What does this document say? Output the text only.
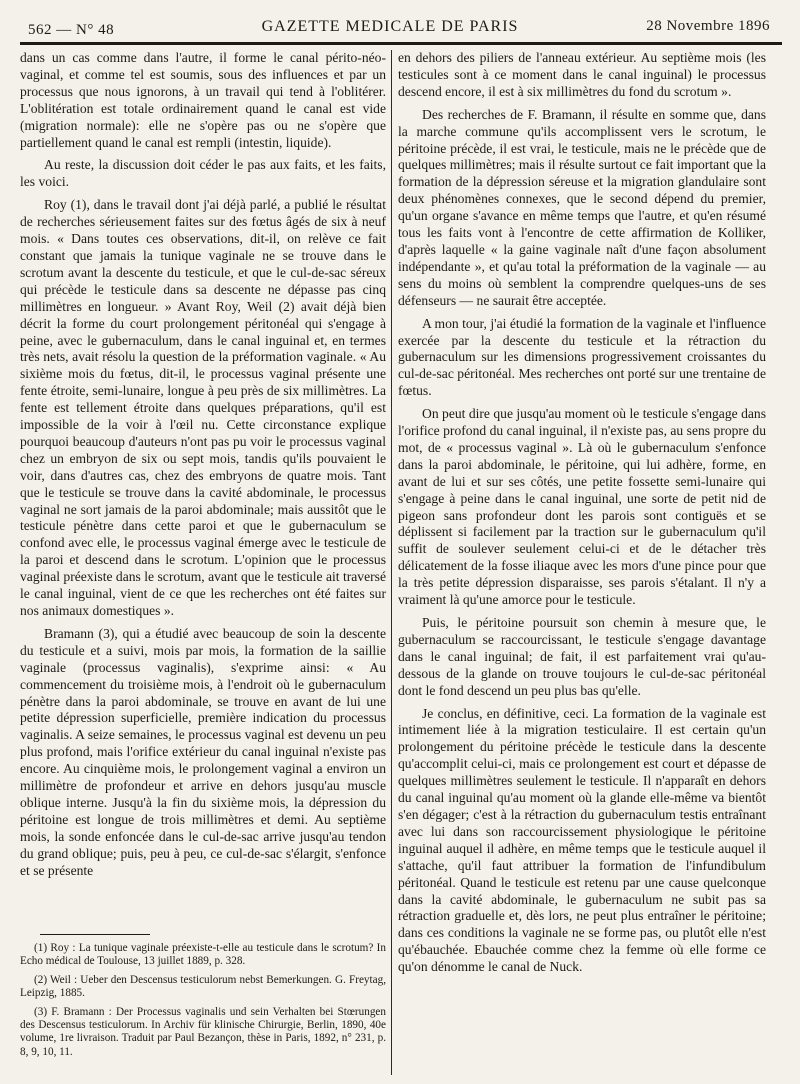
562 — N° 48	GAZETTE MEDICALE DE PARIS	28 Novembre 1896

dans un cas comme dans l'autre, il forme le canal périto-néo-vaginal, et comme tel est soumis, sous des influences et par un processus que nous ignorons, à un travail qui tend à l'oblitérer. L'oblitération est totale ordinairement quand le canal est vide (migration normale): elle ne s'opère pas ou ne s'opère que partiellement quand le canal est rempli (intestin, liquide).

Au reste, la discussion doit céder le pas aux faits, et les faits, les voici.

Roy (1), dans le travail dont j'ai déjà parlé, a publié le résultat de recherches sérieusement faites sur des fœtus âgés de six à neuf mois. « Dans toutes ces observations, dit-il, on relève ce fait constant que jamais la tunique vaginale ne se trouve dans le scrotum avant la descente du testicule, et que le cul-de-sac séreux qui précède le testicule dans sa descente ne dépasse pas cinq millimètres en longueur. » Avant Roy, Weil (2) avait déjà bien décrit la forme du court prolongement péritonéal qui s'engage à peine, avec le gubernaculum, dans le canal inguinal et, en termes très nets, avait résolu la question de la préformation vaginale. « Au sixième mois du fœtus, dit-il, le processus vaginal présente une fente étroite, semi-lunaire, longue à peu près de six millimètres. La fente est tellement étroite dans quelques préparations, qu'il est impossible de la voir à l'œil nu. Cette circonstance explique pourquoi beaucoup d'auteurs n'ont pas pu voir le processus vaginal chez un embryon de six ou sept mois, tandis qu'ils pouvaient le voir, dans d'autres cas, chez des embryons de quatre mois. Tant que le testicule se trouve dans la cavité abdominale, le processus vaginal ne sort jamais de la paroi abdominale; mais aussitôt que le testicule pénètre dans cette paroi et que le gubernaculum se confond avec elle, le processus vaginal émerge avec le testicule de la paroi et descend dans le scrotum. L'opinion que le processus vaginal préexiste dans le scrotum, avant que le testicule ait traversé le canal inguinal, vient de ce que les recherches ont été faites sur nos animaux domestiques ».

Bramann (3), qui a étudié avec beaucoup de soin la descente du testicule et a suivi, mois par mois, la formation de la saillie vaginale (processus vaginalis), s'exprime ainsi: « Au commencement du troisième mois, à l'endroit où le gubernaculum pénètre dans la paroi abdominale, se trouve en avant de lui une petite dépression superficielle, première indication du processus vaginalis. A seize semaines, le processus vaginal est devenu un peu plus profond, mais l'orifice extérieur du canal inguinal n'existe pas encore. Au cinquième mois, le prolongement vaginal a environ un millimètre de profondeur et arrive en dehors jusqu'au muscle oblique interne. Jusqu'à la fin du sixième mois, la dépression du péritoine est longue de trois millimètres et demi. Au septième mois, la sonde enfoncée dans le cul-de-sac arrive jusqu'au tendon du grand oblique; puis, peu à peu, ce cul-de-sac s'élargit, s'enfonce et se présente

en dehors des piliers de l'anneau extérieur. Au septième mois (les testicules sont à ce moment dans le canal inguinal) le processus descend encore, il est à six millimètres du fond du scrotum ».

Des recherches de F. Bramann, il résulte en somme que, dans la marche commune qu'ils accomplissent vers le scrotum, le péritoine précède, il est vrai, le testicule, mais ne le précède que de quelques millimètres; mais il résulte surtout ce fait important que la formation de la dépression séreuse et la migration glandulaire sont deux phénomènes connexes, que le second dépend du premier, qu'un organe s'avance en même temps que l'autre, et qu'en résumé tous les faits vont à l'encontre de cette affirmation de Kolliker, d'après laquelle « la gaine vaginale naît d'une façon absolument indépendante », et qu'au total la préformation de la vaginale — au sens du moins où semblent la comprendre quelques-uns de ses défenseurs — ne saurait être acceptée.

A mon tour, j'ai étudié la formation de la vaginale et l'influence exercée par la descente du testicule et la rétraction du gubernaculum sur les dimensions progressivement croissantes du cul-de-sac péritonéal. Mes recherches ont porté sur une trentaine de fœtus.

On peut dire que jusqu'au moment où le testicule s'engage dans l'orifice profond du canal inguinal, il n'existe pas, au sens propre du mot, de « processus vaginal ». Là où le gubernaculum s'enfonce dans la paroi abdominale, le péritoine, qui lui adhère, forme, en avant de lui et sur ses côtés, une petite fossette semi-lunaire qui s'engage à peine dans le canal inguinal, une sorte de petit nid de pigeon sans profondeur dont les parois sont contiguës et se déplissent si facilement par la traction sur le gubernaculum qu'il suffit de soulever seulement celui-ci et de le détacher très délicatement de la fosse iliaque avec les mors d'une pince pour que la très petite dépression disparaisse, ses parois s'étalant. Il n'y a vraiment là qu'une amorce pour le testicule.

Puis, le péritoine poursuit son chemin à mesure que, le gubernaculum se raccourcissant, le testicule s'engage davantage dans le canal inguinal; de fait, il est parfaitement vrai qu'au-dessous de la glande on trouve toujours le cul-de-sac péritonéal dont le fond descend un peu plus bas qu'elle.

Je conclus, en définitive, ceci. La formation de la vaginale est intimement liée à la migration testiculaire. Il est certain qu'un prolongement du péritoine précède le testicule dans la descente qu'accomplit celui-ci, mais ce prolongement est court et dépasse de quelques millimètres seulement le testicule. Il n'apparaît en dehors du canal inguinal qu'au moment où la glande elle-même va bientôt s'en dégager; c'est à la rétraction du gubernaculum testis entraînant avec lui dans son raccourcissement physiologique le péritoine inguinal auquel il adhère, en même temps que le testicule auquel il s'attache, qu'il faut attribuer la formation de l'infundibulum péritonéal. Quand le testicule est retenu par une cause quelconque dans la cavité abdominale, le gubernaculum ne subit pas sa rétraction graduelle et, dès lors, ne peut plus entraîner le péritoine; dans ces conditions la vaginale ne se forme pas, ou plutôt elle n'est qu'ébauchée. Ebauchée comme chez la femme où elle forme ce qu'on dénomme le canal de Nuck.

(1) Roy : La tunique vaginale préexiste-t-elle au testicule dans le scrotum? In Echo médical de Toulouse, 13 juillet 1889, p. 328.

(2) Weil : Ueber den Descensus testiculorum nebst Bemerkungen. G. Freytag, Leipzig, 1885.

(3) F. Bramann : Der Processus vaginalis und sein Verhalten bei Stœrungen des Descensus testiculorum. In Archiv für klinische Chirurgie, Berlin, 1890, 40e volume, 1re livraison. Traduit par Paul Bezançon, thèse in Paris, 1892, n° 231, p. 8, 9, 10, 11.
